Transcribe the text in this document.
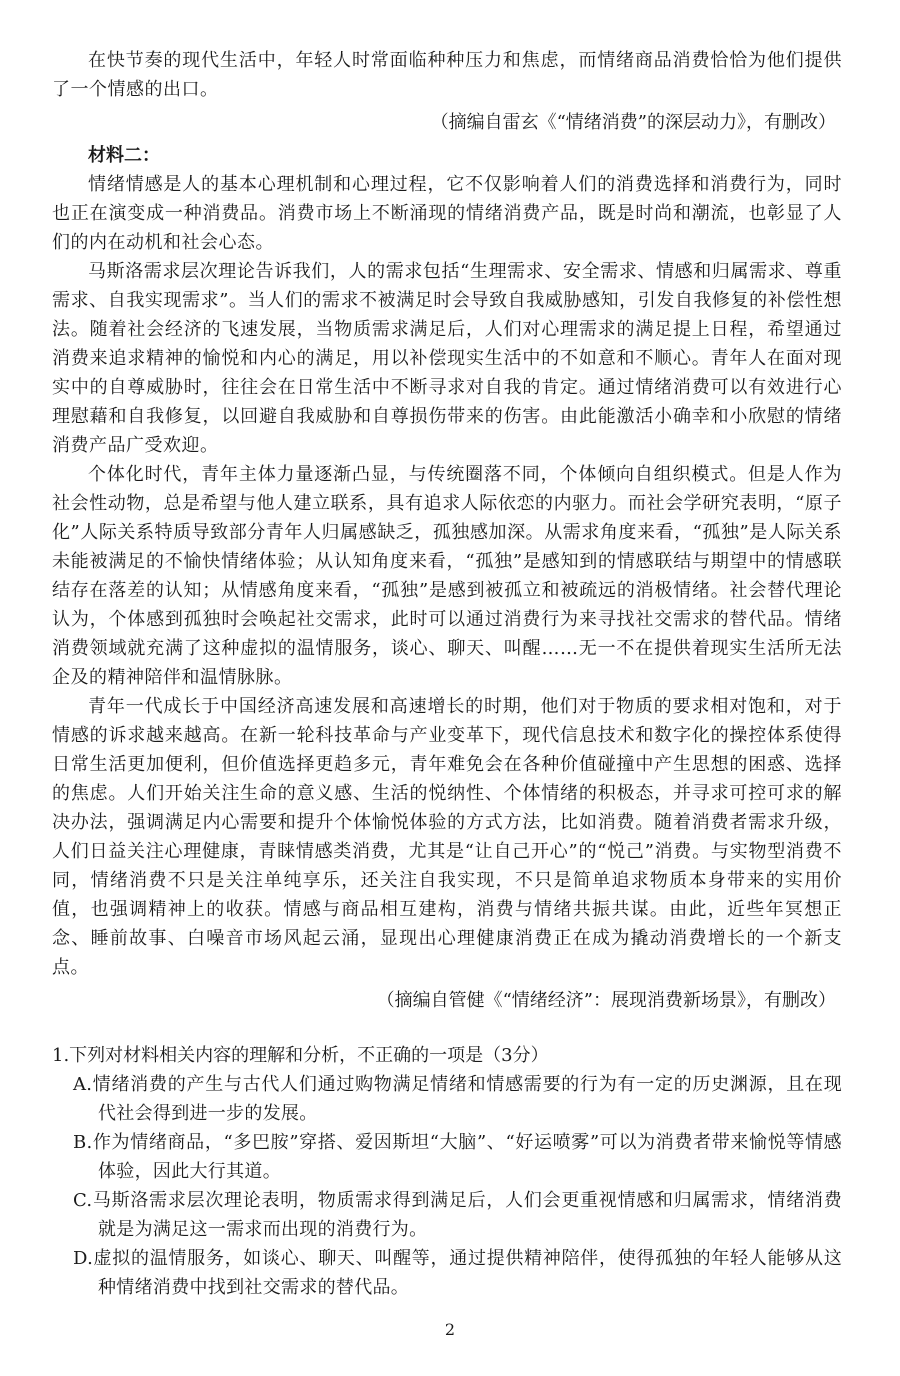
在快节奏的现代生活中，年轻人时常面临种种压力和焦虑，而情绪商品消费恰恰为他们提供了一个情感的出口。

（摘编自雷玄《“情绪消费”的深层动力》，有删改）

材料二：

情绪情感是人的基本心理机制和心理过程，它不仅影响着人们的消费选择和消费行为，同时也正在演变成一种消费品。消费市场上不断涌现的情绪消费产品，既是时尚和潮流，也彰显了人们的内在动机和社会心态。

马斯洛需求层次理论告诉我们，人的需求包括“生理需求、安全需求、情感和归属需求、尊重需求、自我实现需求”。当人们的需求不被满足时会导致自我威胁感知，引发自我修复的补偿性想法。随着社会经济的飞速发展，当物质需求满足后，人们对心理需求的满足提上日程，希望通过消费来追求精神的愉悦和内心的满足，用以补偿现实生活中的不如意和不顺心。青年人在面对现实中的自尊威胁时，往往会在日常生活中不断寻求对自我的肯定。通过情绪消费可以有效进行心理慰藉和自我修复，以回避自我威胁和自尊损伤带来的伤害。由此能激活小确幸和小欣慰的情绪消费产品广受欢迎。

个体化时代，青年主体力量逐渐凸显，与传统圈落不同，个体倾向自组织模式。但是人作为社会性动物，总是希望与他人建立联系，具有追求人际依恋的内驱力。而社会学研究表明，“原子化”人际关系特质导致部分青年人归属感缺乏，孤独感加深。从需求角度来看，“孤独”是人际关系未能被满足的不愉快情绪体验；从认知角度来看，“孤独”是感知到的情感联结与期望中的情感联结存在落差的认知；从情感角度来看，“孤独”是感到被孤立和被疏远的消极情绪。社会替代理论认为，个体感到孤独时会唤起社交需求，此时可以通过消费行为来寻找社交需求的替代品。情绪消费领域就充满了这种虚拟的温情服务，谈心、聊天、叫醒……无一不在提供着现实生活所无法企及的精神陪伴和温情脉脉。

青年一代成长于中国经济高速发展和高速增长的时期，他们对于物质的要求相对饱和，对于情感的诉求越来越高。在新一轮科技革命与产业变革下，现代信息技术和数字化的操控体系使得日常生活更加便利，但价值选择更趋多元，青年难免会在各种价值碰撞中产生思想的困惑、选择的焦虑。人们开始关注生命的意义感、生活的悦纳性、个体情绪的积极态，并寻求可控可求的解决办法，强调满足内心需要和提升个体愉悦体验的方式方法，比如消费。随着消费者需求升级，人们日益关注心理健康，青睐情感类消费，尤其是“让自己开心”的“悦己”消费。与实物型消费不同，情绪消费不只是关注单纯享乐，还关注自我实现，不只是简单追求物质本身带来的实用价值，也强调精神上的收获。情感与商品相互建构，消费与情绪共振共谋。由此，近些年冥想正念、睡前故事、白噪音市场风起云涌，显现出心理健康消费正在成为撬动消费增长的一个新支点。

（摘编自管健《“情绪经济”：展现消费新场景》，有删改）

1.下列对材料相关内容的理解和分析，不正确的一项是（3分）

A.情绪消费的产生与古代人们通过购物满足情绪和情感需要的行为有一定的历史渊源，且在现代社会得到进一步的发展。

B.作为情绪商品，“多巴胺”穿搭、爱因斯坦“大脑”、“好运喷雾”可以为消费者带来愉悦等情感体验，因此大行其道。

C.马斯洛需求层次理论表明，物质需求得到满足后，人们会更重视情感和归属需求，情绪消费就是为满足这一需求而出现的消费行为。

D.虚拟的温情服务，如谈心、聊天、叫醒等，通过提供精神陪伴，使得孤独的年轻人能够从这种情绪消费中找到社交需求的替代品。

2
